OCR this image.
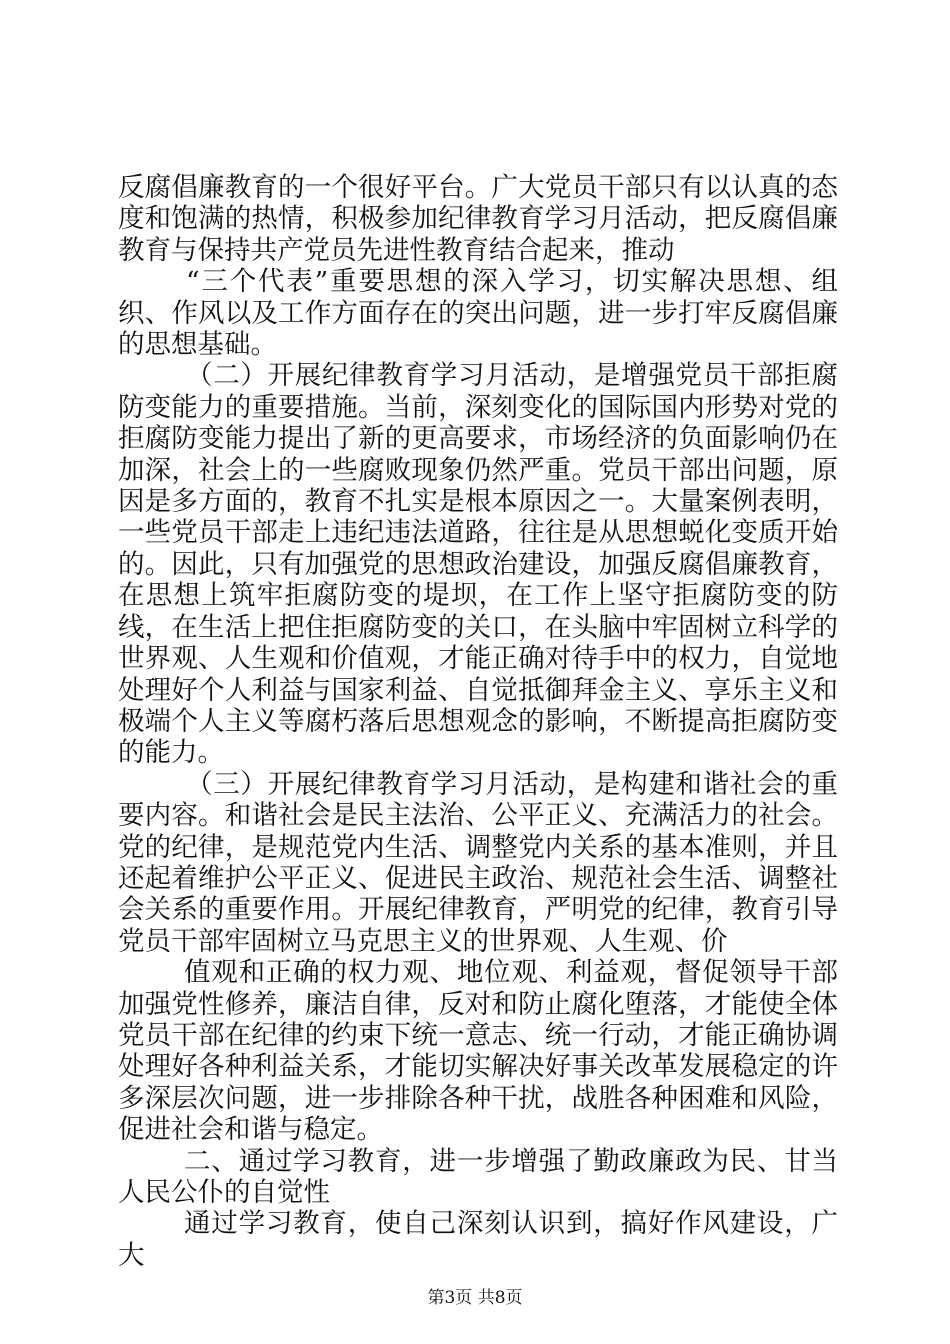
反腐倡廉教育的一个很好平台。广大党员干部只有以认真的态度和饱满的热情，积极参加纪律教育学习月活动，把反腐倡廉教育与保持共产党员先进性教育结合起来，推动

“三个代表”重要思想的深入学习，切实解决思想、组织、作风以及工作方面存在的突出问题，进一步打牢反腐倡廉的思想基础。

（二）开展纪律教育学习月活动，是增强党员干部拒腐防变能力的重要措施。当前，深刻变化的国际国内形势对党的拒腐防变能力提出了新的更高要求，市场经济的负面影响仍在加深，社会上的一些腐败现象仍然严重。党员干部出问题，原因是多方面的，教育不扎实是根本原因之一。大量案例表明，一些党员干部走上违纪违法道路，往往是从思想蜕化变质开始的。因此，只有加强党的思想政治建设，加强反腐倡廉教育，在思想上筑牢拒腐防变的堤坝，在工作上坚守拒腐防变的防线，在生活上把住拒腐防变的关口，在头脑中牢固树立科学的世界观、人生观和价值观，才能正确对待手中的权力，自觉地处理好个人利益与国家利益、自觉抵御拜金主义、享乐主义和极端个人主义等腐朽落后思想观念的影响，不断提高拒腐防变的能力。

（三）开展纪律教育学习月活动，是构建和谐社会的重要内容。和谐社会是民主法治、公平正义、充满活力的社会。党的纪律，是规范党内生活、调整党内关系的基本准则，并且还起着维护公平正义、促进民主政治、规范社会生活、调整社会关系的重要作用。开展纪律教育，严明党的纪律，教育引导党员干部牢固树立马克思主义的世界观、人生观、价

值观和正确的权力观、地位观、利益观，督促领导干部加强党性修养，廉洁自律，反对和防止腐化堕落，才能使全体党员干部在纪律的约束下统一意志、统一行动，才能正确协调处理好各种利益关系，才能切实解决好事关改革发展稳定的许多深层次问题，进一步排除各种干扰，战胜各种困难和风险，促进社会和谐与稳定。

二、通过学习教育，进一步增强了勤政廉政为民、甘当人民公仆的自觉性

通过学习教育，使自己深刻认识到，搞好作风建设，广大

第3页 共8页
